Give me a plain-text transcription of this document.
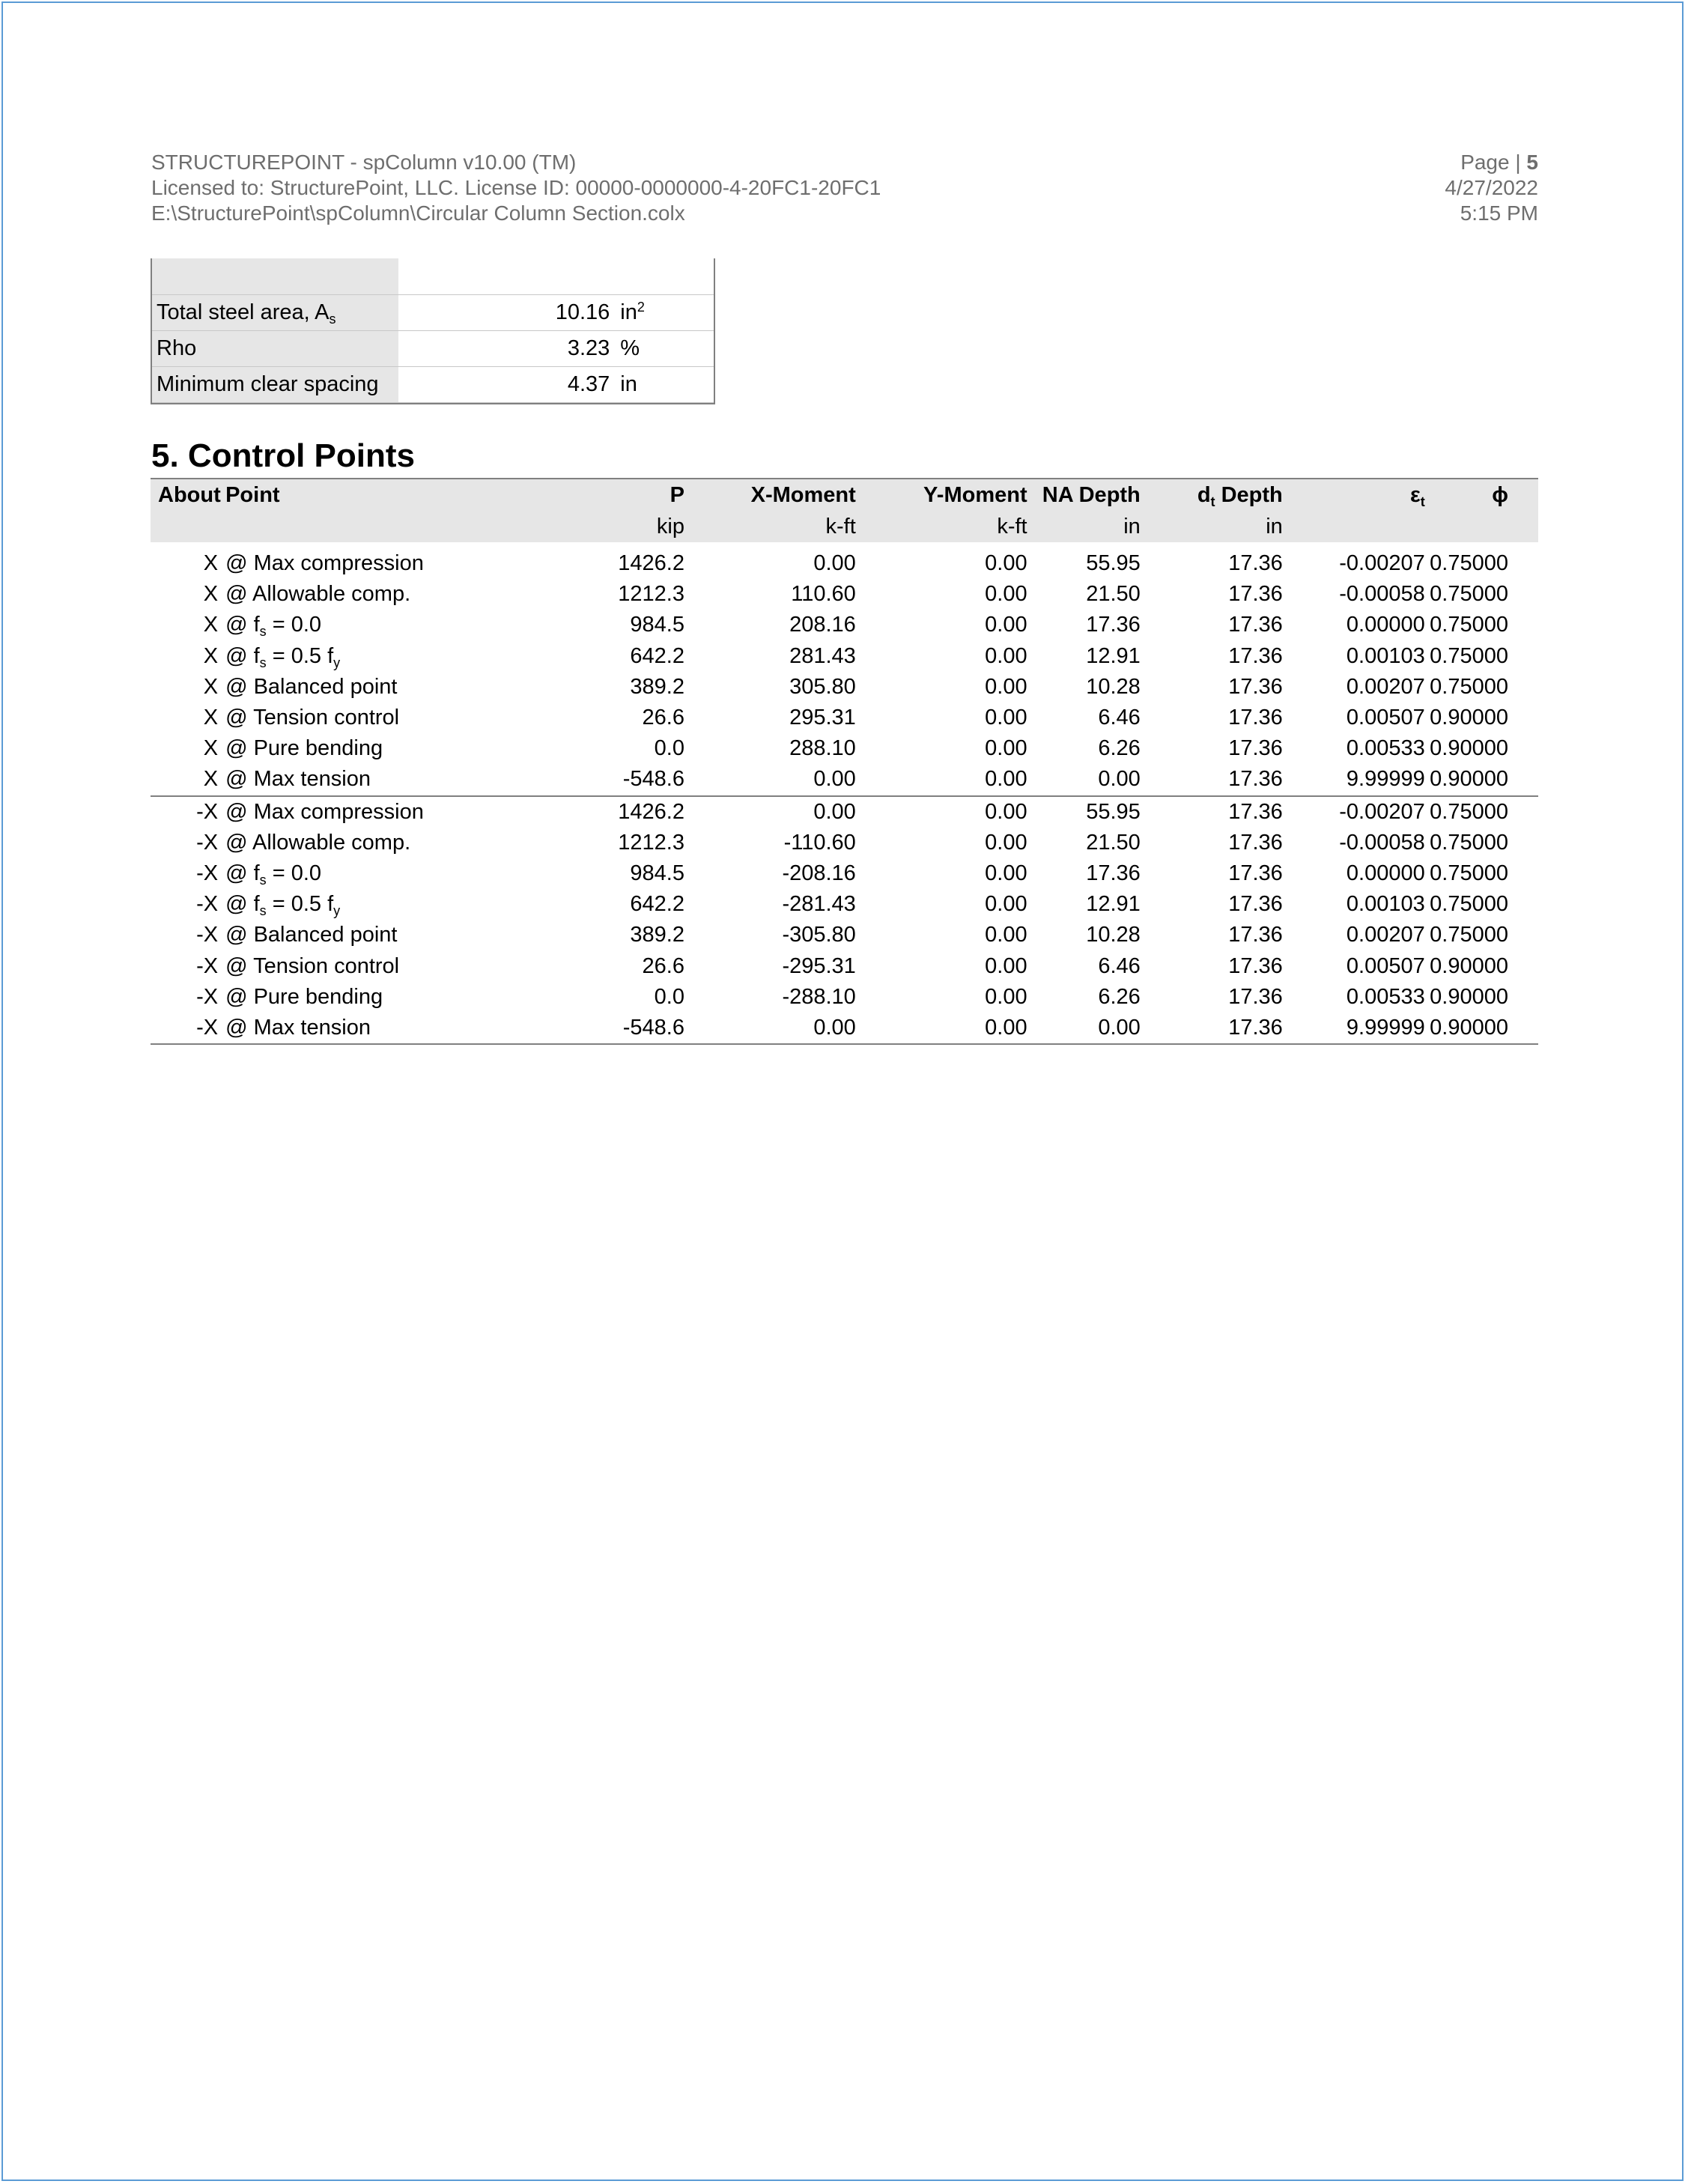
STRUCTUREPOINT - spColumn v10.00 (TM)
Licensed to: StructurePoint, LLC. License ID: 00000-0000000-4-20FC1-20FC1
E:\StructurePoint\spColumn\Circular Column Section.colx
Page | 5
4/27/2022
5:15 PM

Total steel area, $A_s$	10.16	$in^2$
Rho	3.23	%
Minimum clear spacing	4.37	in
5. Control Points
About	Point	P	X-Moment	Y-Moment	NA Depth	$d_t$ Depth	$\varepsilon_t$	ϕ
		kip	k-ft	k-ft	in	in		

X	@ Max compression	1426.2	0.00	0.00	55.95	17.36	-0.00207	0.75000
X	@ Allowable comp.	1212.3	110.60	0.00	21.50	17.36	-0.00058	0.75000
X	@ $f_s = 0.0$	984.5	208.16	0.00	17.36	17.36	0.00000	0.75000
X	@ $f_s = 0.5$ $f_y$	642.2	281.43	0.00	12.91	17.36	0.00103	0.75000
X	@ Balanced point	389.2	305.80	0.00	10.28	17.36	0.00207	0.75000
X	@ Tension control	26.6	295.31	0.00	6.46	17.36	0.00507	0.90000
X	@ Pure bending	0.0	288.10	0.00	6.26	17.36	0.00533	0.90000
X	@ Max tension	-548.6	0.00	0.00	0.00	17.36	9.99999	0.90000
-X	@ Max compression	1426.2	0.00	0.00	55.95	17.36	-0.00207	0.75000
-X	@ Allowable comp.	1212.3	-110.60	0.00	21.50	17.36	-0.00058	0.75000
-X	@ $f_s = 0.0$	984.5	-208.16	0.00	17.36	17.36	0.00000	0.75000
-X	@ $f_s = 0.5$ $f_y$	642.2	-281.43	0.00	12.91	17.36	0.00103	0.75000
-X	@ Balanced point	389.2	-305.80	0.00	10.28	17.36	0.00207	0.75000
-X	@ Tension control	26.6	-295.31	0.00	6.46	17.36	0.00507	0.90000
-X	@ Pure bending	0.0	-288.10	0.00	6.26	17.36	0.00533	0.90000
-X	@ Max tension	-548.6	0.00	0.00	0.00	17.36	9.99999	0.90000
